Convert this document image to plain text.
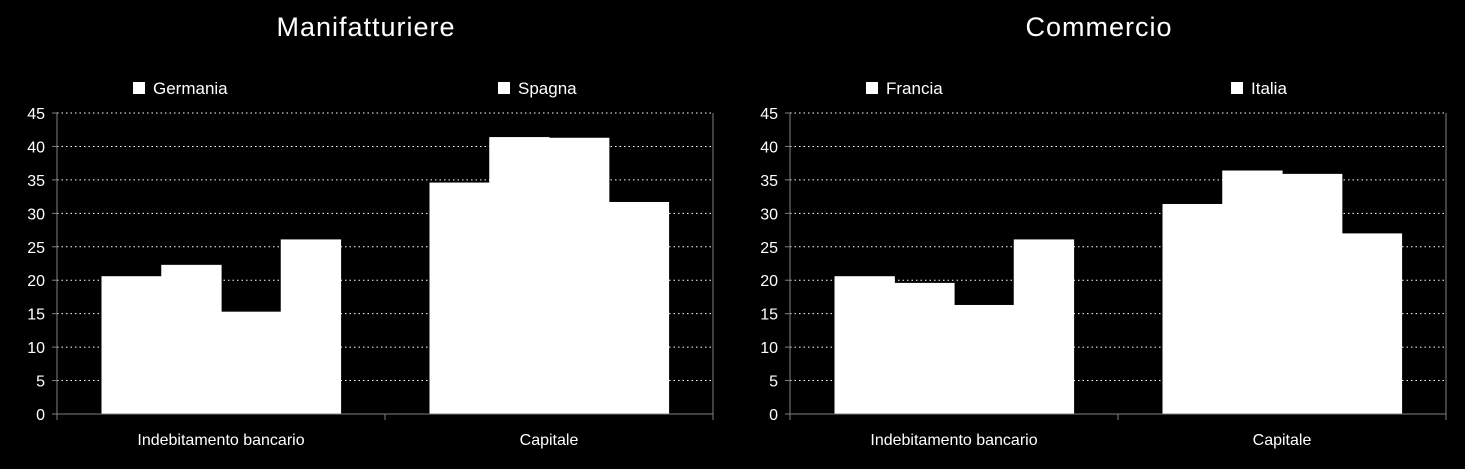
Manifatturiere
Germania	Spagna
0
5
10
15
20
25
30
35
40
45
Indebitamento bancario	Capitale
Commercio
Francia	Italia
0
5
10
15
20
25
30
35
40
45
Indebitamento bancario	Capitale
